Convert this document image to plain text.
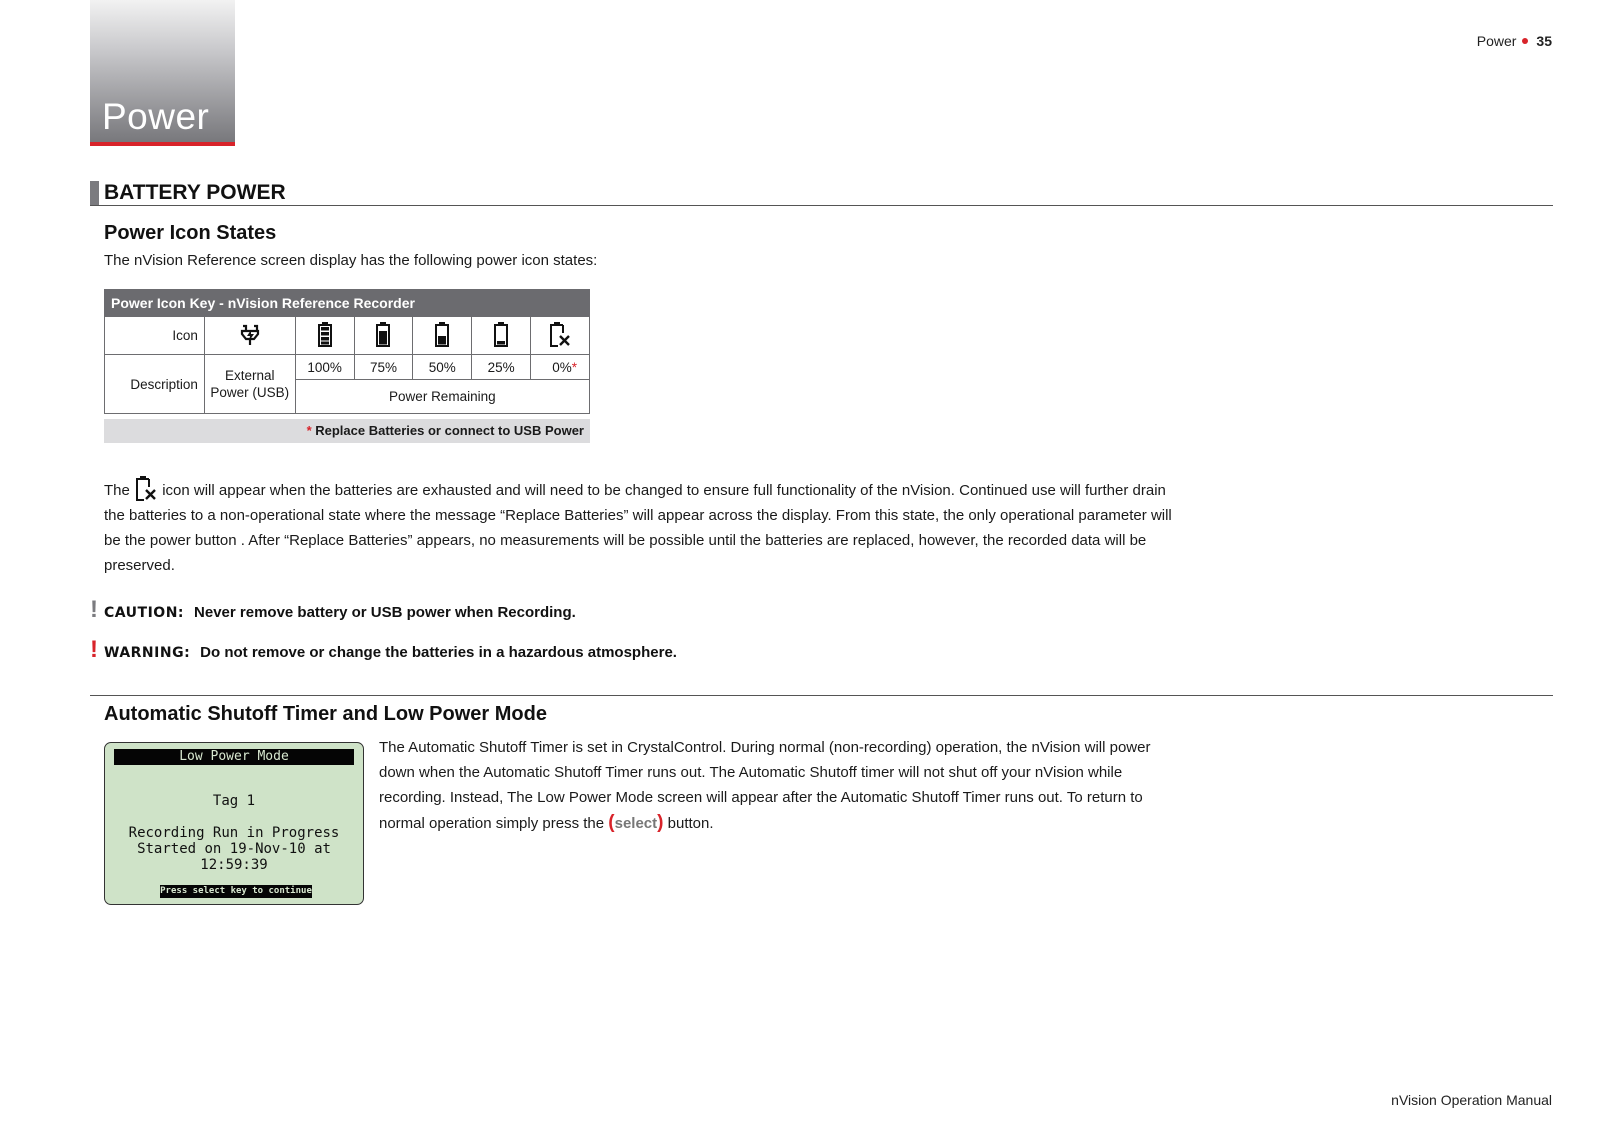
Power
Power 35
BATTERY POWER
Power Icon States
The nVision Reference screen display has the following power icon states:
Power Icon Key - nVision Reference Recorder						
Icon						
Description	External Power (USB)	100%	75%	50%	25%	0%*
		Power Remaining				
* Replace Batteries or connect to USB Power
The icon will appear when the batteries are exhausted and will need to be changed to ensure full functionality of the nVision. Continued use will further drain the batteries to a non-operational state where the message “Replace Batteries” will appear across the display. From this state, the only operational parameter will be the power button . After “Replace Batteries” appears, no measurements will be possible until the batteries are replaced, however, the recorded data will be preserved.
! CAUTION: Never remove battery or USB power when Recording.
! WARNING: Do not remove or change the batteries in a hazardous atmosphere.
Automatic Shutoff Timer and Low Power Mode
Low Power Mode
Tag 1
Recording Run in Progress
Started on 19-Nov-10 at 12:59:39
Press select key to continue
The Automatic Shutoff Timer is set in CrystalControl. During normal (non-recording) operation, the nVision will power down when the Automatic Shutoff Timer runs out. The Automatic Shutoff timer will not shut off your nVision while recording. Instead, The Low Power Mode screen will appear after the Automatic Shutoff Timer runs out. To return to normal operation simply press the (select) button.
nVision Operation Manual
